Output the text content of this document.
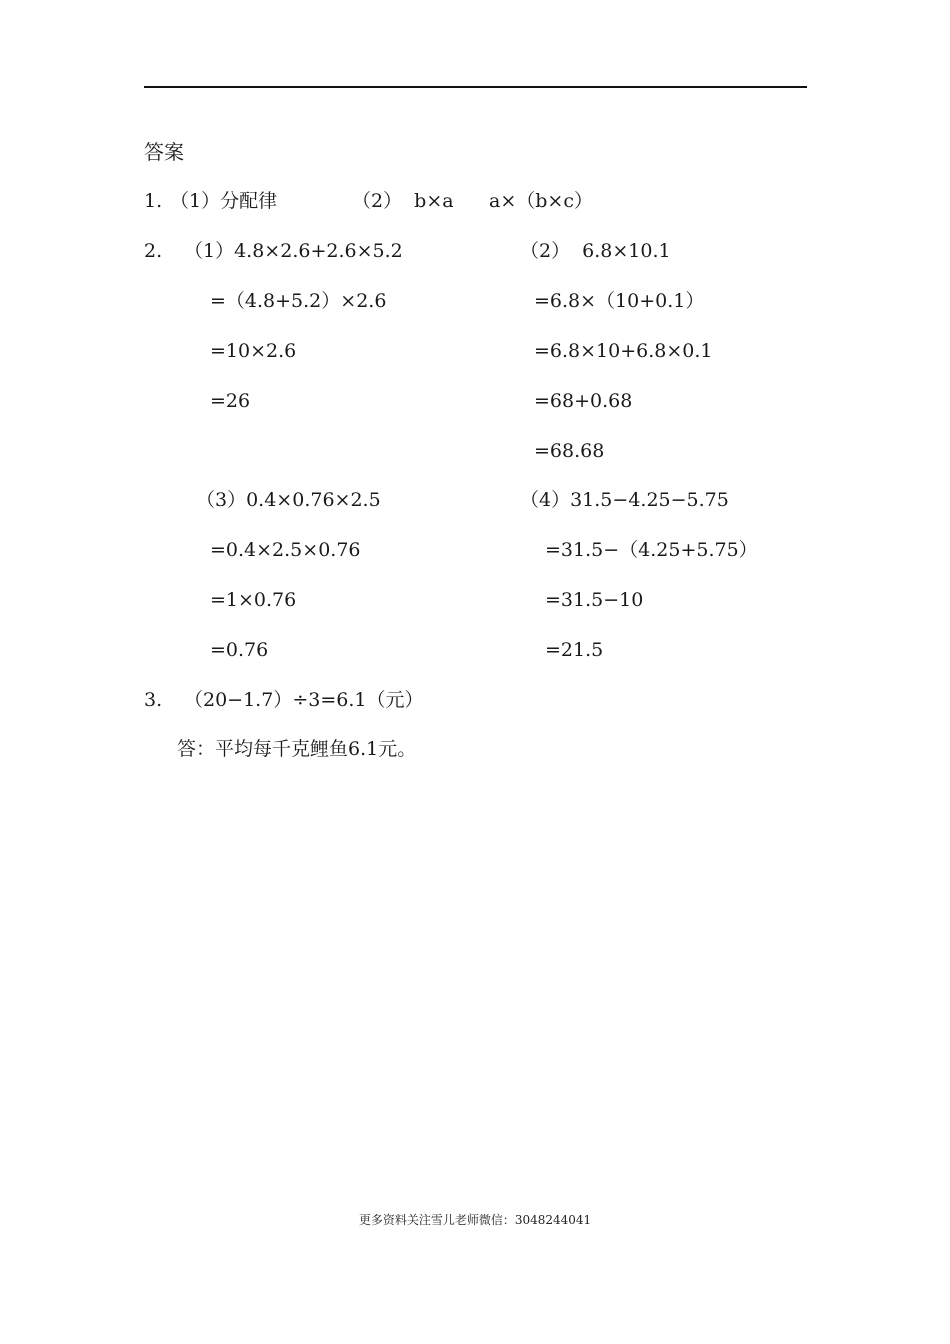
答案
1. （1）分配律	（2）  b×a a×（b×c）
2. （1）4.8×2.6+2.6×5.2
=（4.8+5.2）×2.6
=10×2.6
=26
（2）  6.8×10.1
=6.8×（10+0.1）
=6.8×10+6.8×0.1
=68+0.68
=68.68
（3）0.4×0.76×2.5
=0.4×2.5×0.76
=1×0.76
=0.76
（4）31.5−4.25−5.75
=31.5−（4.25+5.75）
=31.5−10
=21.5
3. （20−1.7）÷3=6.1（元）
答：平均每千克鲤鱼6.1元。
更多资料关注雪儿老师微信：3048244041
